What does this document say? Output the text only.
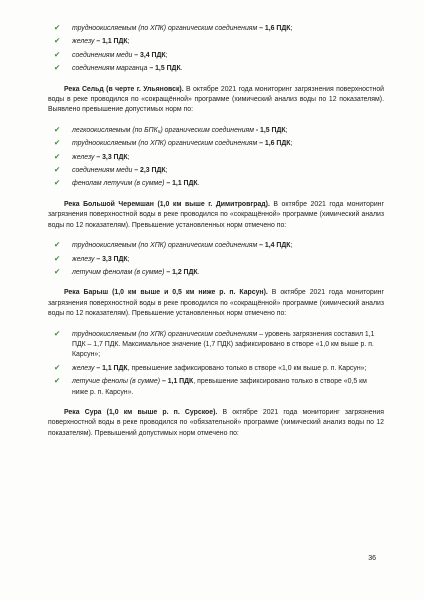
✔ трудноокисляемым (по ХПК) органическим соединениям – 1,6 ПДК;

✔ железу – 1,1 ПДК;

✔ соединениям меди – 3,4 ПДК;

✔ соединениям марганца – 1,5 ПДК.

Река Сельд (в черте г. Ульяновск). В октябре 2021 года мониторинг загрязнения поверхностной воды в реке проводился по «сокращённой» программе (химический анализ воды по 12 показателям). Выявлено превышение допустимых норм по:

✔ легкоокисляемым (по БПК₅) органическим соединениям - 1,5 ПДК;

✔ трудноокисляемым (по ХПК) органическим соединениям – 1,6 ПДК;

✔ железу – 3,3 ПДК;

✔ соединениям меди – 2,3 ПДК;

✔ фенолам летучим (в сумме) – 1,1 ПДК.

Река Большой Черемшан (1,0 км выше г. Димитровград). В октябре 2021 года мониторинг загрязнения поверхностной воды в реке проводился по «сокращённой» программе (химический анализ воды по 12 показателям). Превышение установленных норм отмечено по:

✔ трудноокисляемым (по ХПК) органическим соединениям – 1,4 ПДК;

✔ железу – 3,3 ПДК;

✔ летучим фенолам (в сумме) – 1,2 ПДК.

Река Барыш (1,0 км выше и 0,5 км ниже р. п. Карсун). В октябре 2021 года мониторинг загрязнения поверхностной воды в реке проводился по «сокращённой» программе (химический анализ воды по 12 показателям). Превышение установленных норм отмечено по:

✔ трудноокисляемым (по ХПК) органическим соединениям – уровень загрязнения составил 1,1 ПДК – 1,7 ПДК. Максимальное значение (1,7 ПДК) зафиксировано в створе «1,0 км выше р. п. Карсун»;

✔ железу – 1,1 ПДК, превышение зафиксировано только в створе «1,0 км выше р. п. Карсун»;

✔ летучие фенолы (в сумме) – 1,1 ПДК, превышение зафиксировано только в створе «0,5 км ниже р. п. Карсун».

Река Сура (1,0 км выше р. п. Сурское). В октябре 2021 года мониторинг загрязнения поверхностной воды в реке проводился по «обязательной» программе (химический анализ воды по 12 показателям). Превышений допустимых норм отмечено по:

36
